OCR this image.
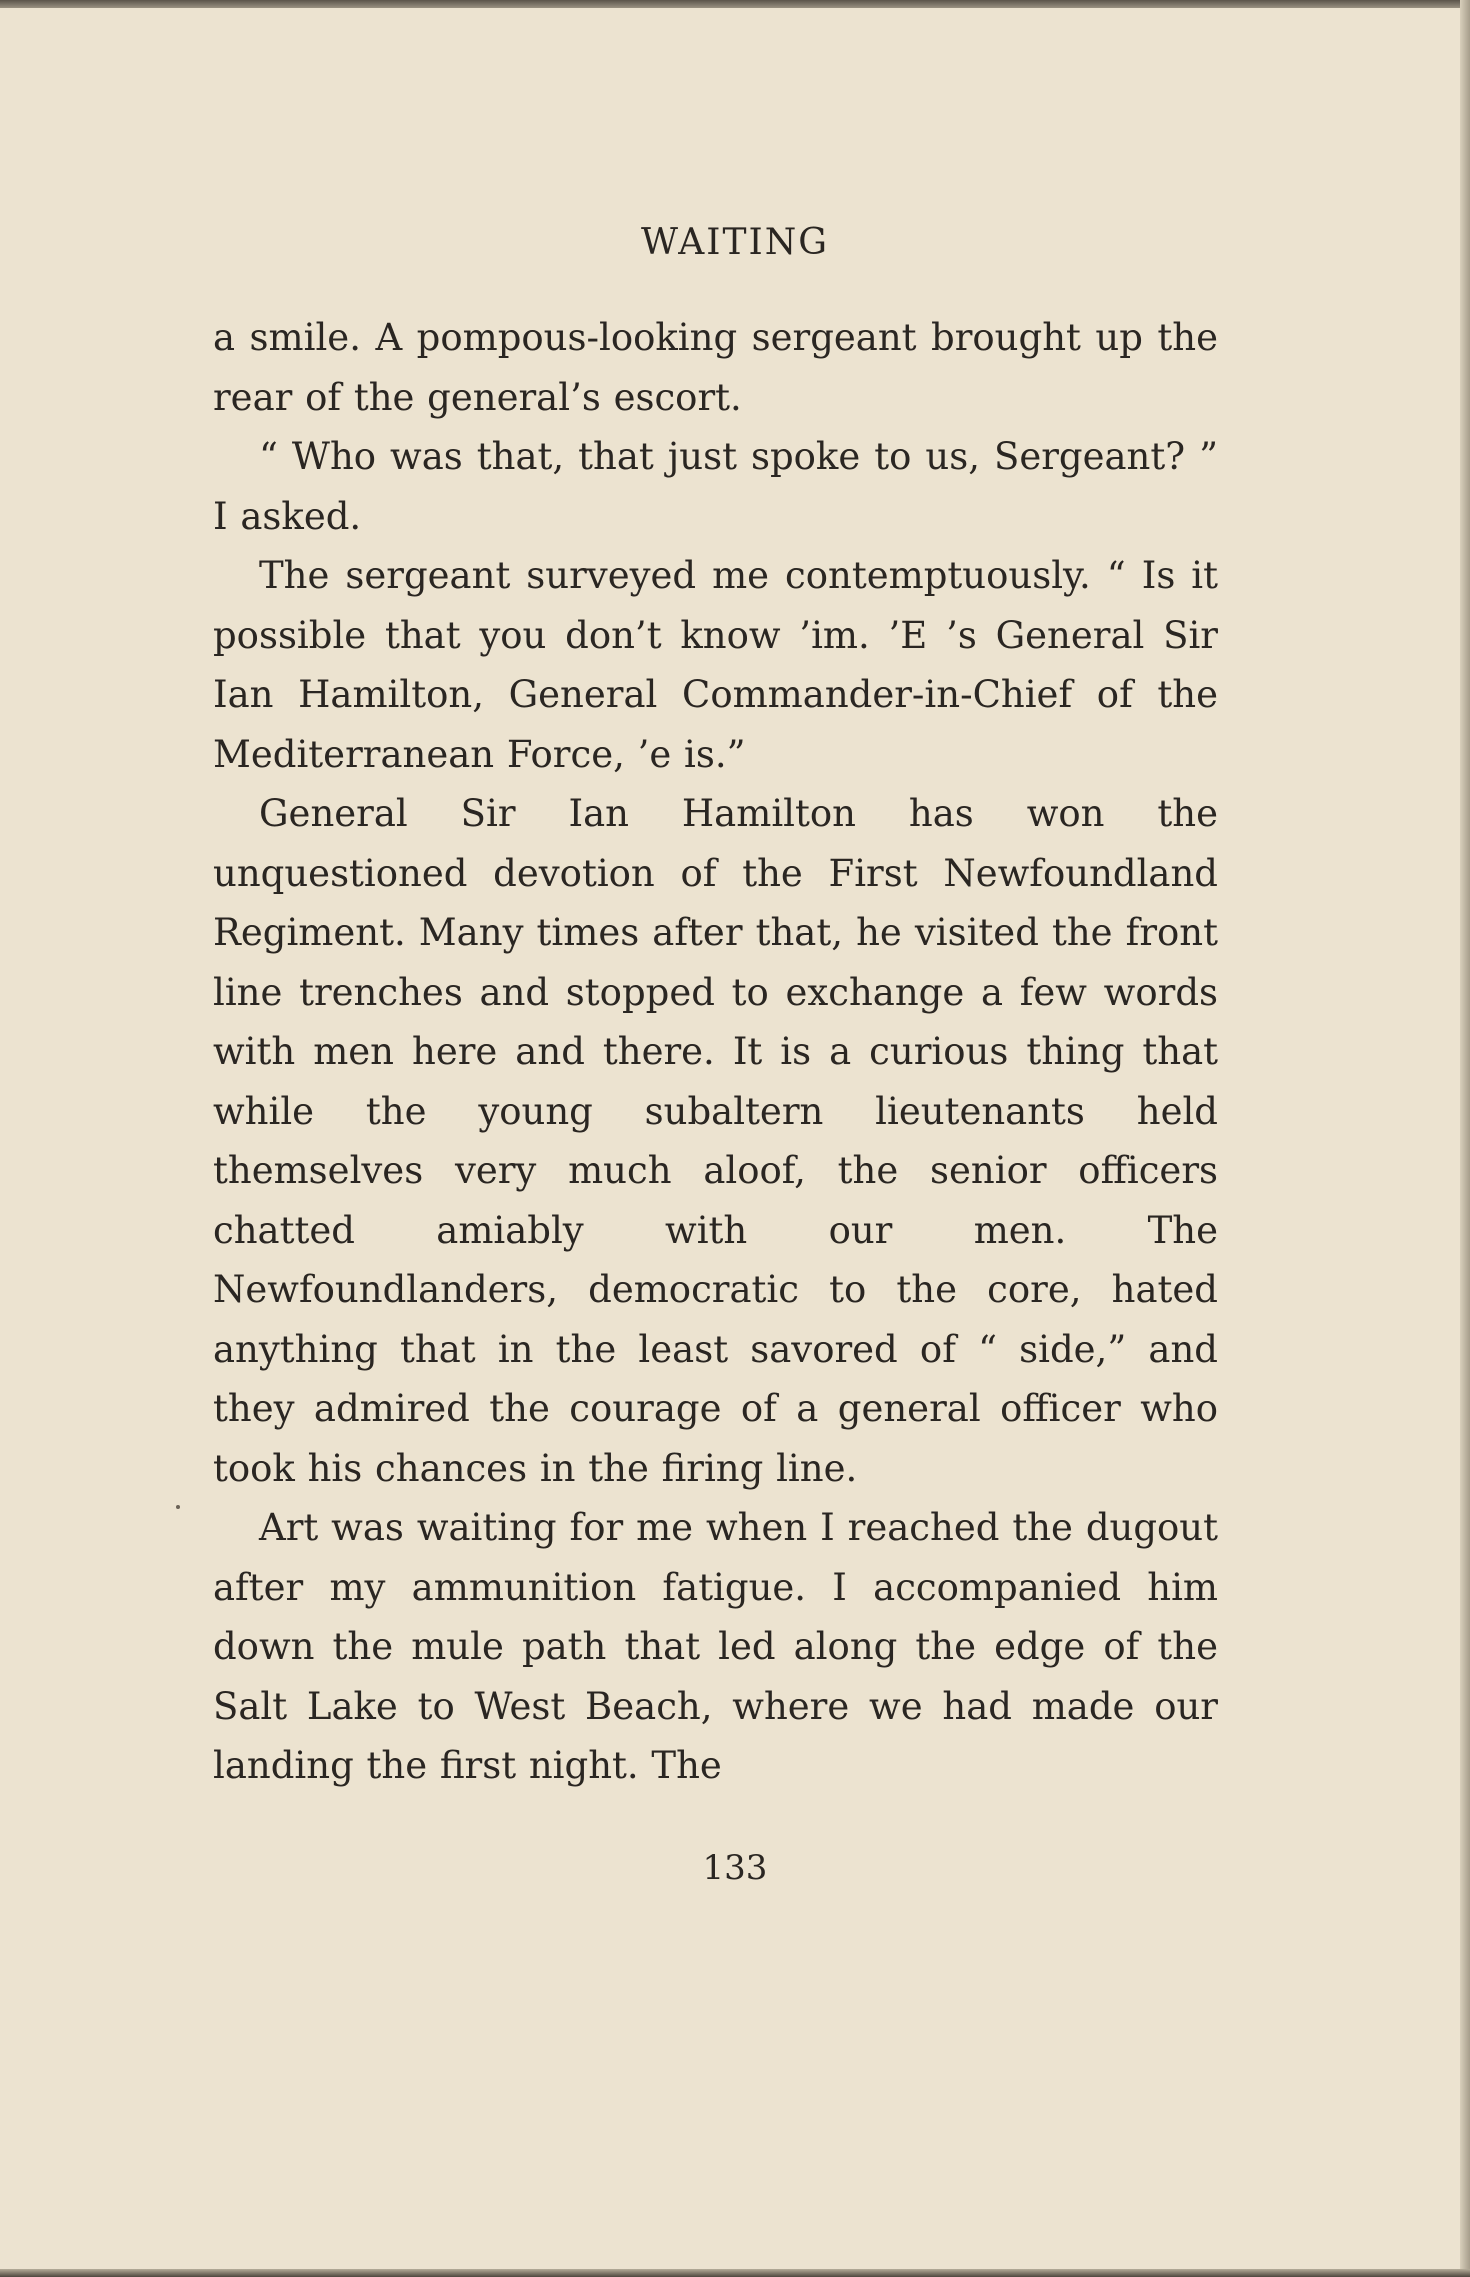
WAITING

a smile. A pompous-looking sergeant brought up the rear of the general’s escort.

“ Who was that, that just spoke to us, Sergeant? ” I asked.

The sergeant surveyed me contemptuously. “ Is it possible that you don’t know ’im. ’E ’s General Sir Ian Hamilton, General Commander-in-Chief of the Mediterranean Force, ’e is.”

General Sir Ian Hamilton has won the unquestioned devotion of the First Newfoundland Regiment. Many times after that, he visited the front line trenches and stopped to exchange a few words with men here and there. It is a curious thing that while the young subaltern lieutenants held themselves very much aloof, the senior officers chatted amiably with our men. The Newfoundlanders, democratic to the core, hated anything that in the least savored of “ side,” and they admired the courage of a general officer who took his chances in the firing line.

Art was waiting for me when I reached the dugout after my ammunition fatigue. I accompanied him down the mule path that led along the edge of the Salt Lake to West Beach, where we had made our landing the first night. The

133
